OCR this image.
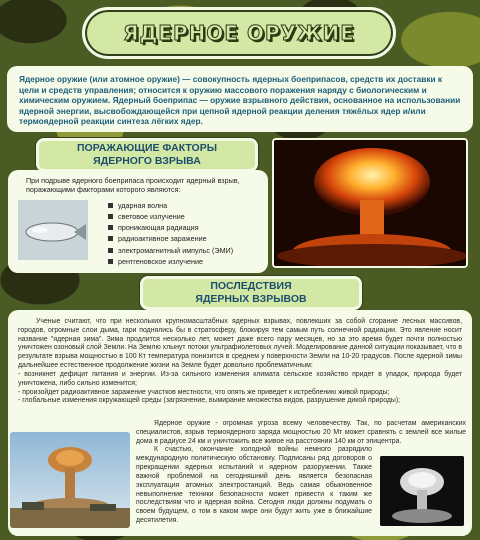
ЯДЕРНОЕ ОРУЖИЕ

Ядерное оружие (или атомное оружие) — совокупность ядерных боеприпасов, средств их доставки к цели и средств управления; относится к оружию массового поражения наряду с биологическим и химическим оружием. Ядерный боеприпас — оружие взрывного действия, основанное на использовании ядерной энергии, высвобождающейся при цепной ядерной реакции деления тяжёлых ядер и/или термоядерной реакции синтеза лёгких ядер.

ПОРАЖАЮЩИЕ ФАКТОРЫ
ЯДЕРНОГО ВЗРЫВА

При подрыве ядерного боеприпаса происходит ядерный взрыв, поражающими факторами которого являются:

ударная волна
световое излучение
проникающая радиация
радиоактивное заражение
электромагнитный импульс (ЭМИ)
рентгеновское излучение
ПОСЛЕДСТВИЯ
ЯДЕРНЫХ ВЗРЫВОВ

Ученые считают, что при нескольких крупномасштабных ядерных взрывах, повлекших за собой сгорание лесных массивов, городов, огромные слои дыма, гари поднялись бы в стратосферу, блокируя тем самым путь солнечной радиации. Это явление носит название "ядерная зима". Зима продлится несколько лет, может даже всего пару месяцев, но за это время будет почти полностью уничтожен озоновый слой Земли. На Землю хлынут потоки ультрафиолетовых лучей. Моделирование данной ситуации показывает, что в результате взрыва мощностью в 100 Кт температура понизится в среднем у поверхности Земли на 10-20 градусов. После ядерной зимы дальнейшее естественное продолжение жизни на Земле будет довольно проблематичным:

- возникнет дефицит питания и энергии. Из-за сильного изменения климата сельское хозяйство придет в упадок, природа будет уничтожена, либо сильно изменится;

- произойдет радиоактивное заражение участков местности, что опять же приведет к истреблению живой природы;

- глобальные изменения окружающей среды (загрязнение, вымирание множества видов, разрушение дикой природы);

Ядерное оружие - огромная угроза всему человечеству. Так, по расчетам американских специалистов, взрыв термоядерного заряда мощностью 20 Мт может сравнять с землей все жилые дома в радиусе 24 км и уничтожить все живое на расстоянии 140 км от эпицентра.

К счастью, окончание холодной войны немного разрядило международную политическую обстановку. Подписаны ряд договоров о прекращении ядерных испытаний и ядерном разоружении. Также важной проблемой на сегодняшний день является безопасная эксплуатация атомных электростанций. Ведь самая обыкновенное невыполнение техники безопасности может привести к таким же последствиям что и ядерная война. Сегодня люди должны подумать о своем будущем, о том в каком мире они будут жить уже в ближайшие десятилетия.
